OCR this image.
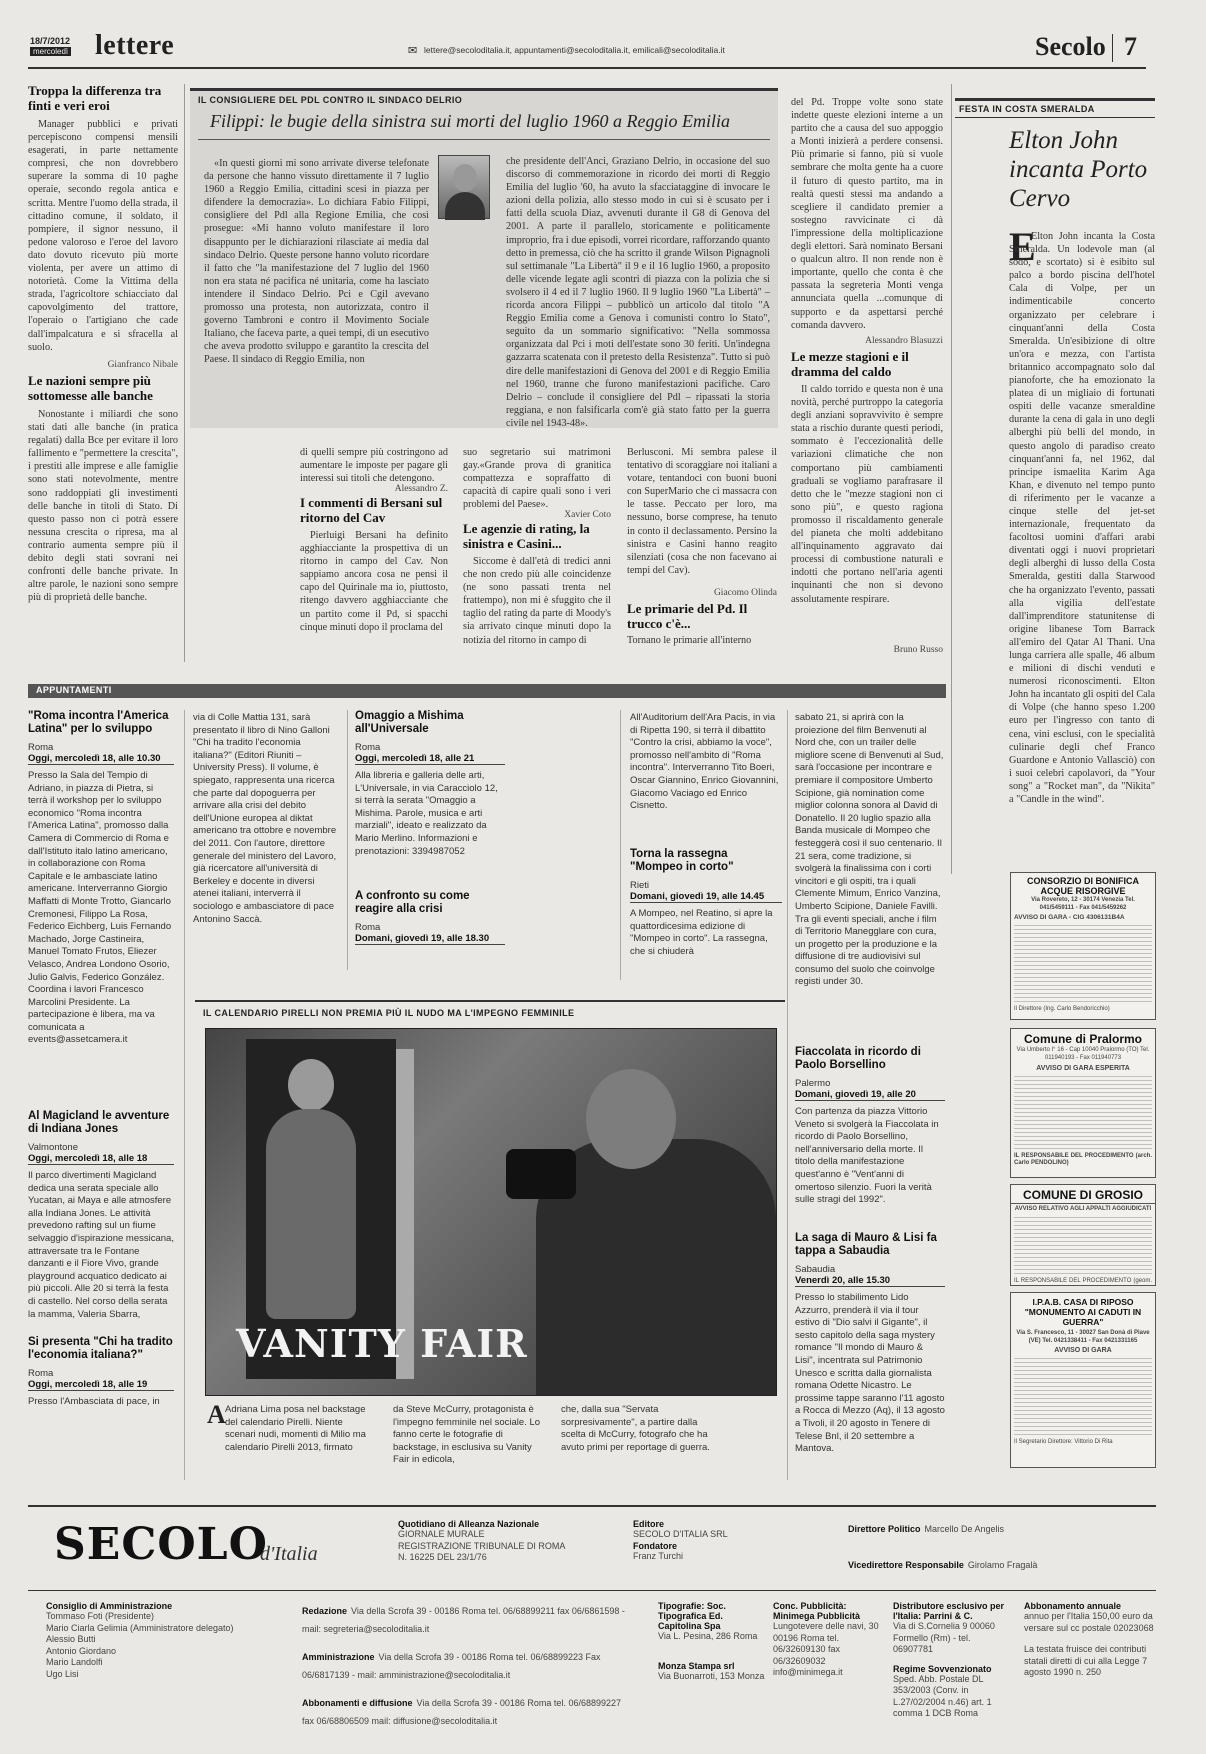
18/7/2012
mercoledì lettere	✉ lettere@secoloditalia.it, appuntamenti@secoloditalia.it, emilicali@secoloditalia.it	Secolo 7
Troppa la differenza tra finti e veri eroi

Manager pubblici e privati percepiscono compensi mensili esagerati, in parte nettamente compresi, che non dovrebbero superare la somma di 10 paghe operaie, secondo regola antica e scritta. Mentre l'uomo della strada, il cittadino comune, il soldato, il pompiere, il signor nessuno, il pedone valoroso e l'eroe del lavoro dato dovuto ricevuto più morte violenta, per avere un attimo di notorietà. Come la Vittima della strada, l'agricoltore schiacciato dal capovolgimento del trattore, l'operaio o l'artigiano che cade dall'impalcatura e si sfracella al suolo.

Gianfranco Nibale
Le nazioni sempre più sottomesse alle banche

Nonostante i miliardi che sono stati dati alle banche (in pratica regalati) dalla Bce per evitare il loro fallimento e "permettere la crescita", i prestiti alle imprese e alle famiglie sono stati notevolmente, mentre sono raddoppiati gli investimenti delle banche in titoli di Stato. Di questo passo non ci potrà essere nessuna crescita o ripresa, ma al contrario aumenta sempre più il debito degli stati sovrani nei confronti delle banche private. In altre parole, le nazioni sono sempre più di proprietà delle banche.

IL CONSIGLIERE DEL PDL CONTRO IL SINDACO DELRIO
Filippi: le bugie della sinistra sui morti del luglio 1960 a Reggio Emilia

«In questi giorni mi sono arrivate diverse telefonate da persone che hanno vissuto direttamente il 7 luglio 1960 a Reggio Emilia, cittadini scesi in piazza per difendere la democrazia». Lo dichiara Fabio Filippi, consigliere del Pdl alla Regione Emilia, che così prosegue: «Mi hanno voluto manifestare il loro disappunto per le dichiarazioni rilasciate ai media dal sindaco Delrio. Queste persone hanno voluto ricordare il fatto che "la manifestazione del 7 luglio del 1960 non era stata né pacifica né unitaria, come ha lasciato intendere il Sindaco Delrio. Pci e Cgil avevano promosso una protesta, non autorizzata, contro il governo Tambroni e contro il Movimento Sociale Italiano, che faceva parte, a quei tempi, di un esecutivo che aveva prodotto sviluppo e garantito la crescita del Paese. Il sindaco di Reggio Emilia, non

che presidente dell'Anci, Graziano Delrio, in occasione del suo discorso di commemorazione in ricordo dei morti di Reggio Emilia del luglio '60, ha avuto la sfacciataggine di invocare le azioni della polizia, allo stesso modo in cui si è scusato per i fatti della scuola Diaz, avvenuti durante il G8 di Genova del 2001. A parte il parallelo, storicamente e politicamente improprio, fra i due episodi, vorrei ricordare, rafforzando quanto detto in premessa, ciò che ha scritto il grande Wilson Pignagnoli sul settimanale "La Libertà" il 9 e il 16 luglio 1960, a proposito delle vicende legate agli scontri di piazza con la polizia che si svolsero il 4 ed il 7 luglio 1960. Il 9 luglio 1960 "La Libertà" – ricorda ancora Filippi – pubblicò un articolo dal titolo "A Reggio Emilia come a Genova i comunisti contro lo Stato", seguito da un sommario significativo: "Nella sommossa organizzata dal Pci i moti dell'estate sono 30 feriti. Un'indegna gazzarra scatenata con il pretesto della Resistenza". Tutto si può dire delle manifestazioni di Genova del 2001 e di Reggio Emilia nel 1960, tranne che furono manifestazioni pacifiche. Caro Delrio – conclude il consigliere del Pdl – ripassati la storia reggiana, e non falsificarla com'è già stato fatto per la guerra civile nel 1943-48».
di quelli sempre più costringono ad aumentare le imposte per pagare gli interessi sui titoli che detengono.
Alessandro Z.
I commenti di Bersani sul ritorno del Cav

Pierluigi Bersani ha definito agghiacciante la prospettiva di un ritorno in campo del Cav. Non sappiamo ancora cosa ne pensi il capo del Quirinale ma io, piuttosto, ritengo davvero agghiacciante che un partito come il Pd, si spacchi cinque minuti dopo il proclama del

suo segretario sui matrimoni gay.«Grande prova di granitica compattezza e sopraffatto di capacità di capire quali sono i veri problemi del Paese».
Xavier Coto
Le agenzie di rating, la sinistra e Casini...

Siccome è dall'età di tredici anni che non credo più alle coincidenze (ne sono passati trenta nel frattempo), non mi è sfuggito che il taglio del rating da parte di Moody's sia arrivato cinque minuti dopo la notizia del ritorno in campo di

Berlusconi. Mi sembra palese il tentativo di scoraggiare noi italiani a votare, tentandoci con buoni buoni con SuperMario che ci massacra con le tasse. Peccato per loro, ma nessuno, borse comprese, ha tenuto in conto il declassamento. Persino la sinistra e Casini hanno reagito silenziati (cosa che non facevano ai tempi del Cav).
Giacomo Olinda
Le primarie del Pd. Il trucco c'è...
Tornano le primarie all'interno
del Pd. Troppe volte sono state indette queste elezioni interne a un partito che a causa del suo appoggio a Monti inizierà a perdere consensi. Più primarie si fanno, più si vuole sembrare che molta gente ha a cuore il futuro di questo partito, ma in realtà questi stessi ma andando a scegliere il candidato premier a sostegno ravvicinate ci dà l'impressione della moltiplicazione degli elettori. Sarà nominato Bersani o qualcun altro. Il non rende non è importante, quello che conta è che passata la segreteria Monti venga annunciata quella ...comunque di supporto e da aspettarsi perché comanda davvero.
Alessandro Blasuzzi
Le mezze stagioni e il dramma del caldo

Il caldo torrido e questa non è una novità, perché purtroppo la categoria degli anziani sopravvivito è sempre stata a rischio durante questi periodi, sommato è l'eccezionalità delle variazioni climatiche che non comportano più cambiamenti graduali se vogliamo parafrasare il detto che le "mezze stagioni non ci sono più", e questo ragiona promosso il riscaldamento generale del pianeta che molti addebitano all'inquinamento aggravato dai processi di combustione naturali e indotti che portano nell'aria agenti inquinanti che non si devono assolutamente respirare.

Bruno Russo
FESTA IN COSTA SMERALDA
Elton John incanta Porto Cervo
E
Elton John incanta la Costa Smeralda. Un lodevole man (al sodo, e scortato) si è esibito sul palco a bordo piscina dell'hotel Cala di Volpe, per un indimenticabile concerto organizzato per celebrare i cinquant'anni della Costa Smeralda. Un'esibizione di oltre un'ora e mezza, con l'artista britannico accompagnato solo dal pianoforte, che ha emozionato la platea di un migliaio di fortunati ospiti delle vacanze smeraldine durante la cena di gala in uno degli alberghi più belli del mondo, in questo angolo di paradiso creato cinquant'anni fa, nel 1962, dal principe ismaelita Karim Aga Khan, e divenuto nel tempo punto di riferimento per le vacanze a cinque stelle del jet-set internazionale, frequentato da facoltosi uomini d'affari arabi diventati oggi i nuovi proprietari degli alberghi di lusso della Costa Smeralda, gestiti dalla Starwood che ha organizzato l'evento, passati alla vigilia dell'estate dall'imprenditore statunitense di origine libanese Tom Barrack all'emiro del Qatar Al Thani. Una lunga carriera alle spalle, 46 album e milioni di dischi venduti e numerosi riconoscimenti. Elton John ha incantato gli ospiti del Cala di Volpe (che hanno speso 1.200 euro per l'ingresso con tanto di cena, vini esclusi, con le specialità culinarie degli chef Franco Guardone e Antonio Vallasciò) con i suoi celebri capolavori, da "Your song" a "Rocket man", da "Nikita" a "Candle in the wind".
APPUNTAMENTI
"Roma incontra l'America Latina" per lo sviluppo
Roma
Oggi, mercoledì 18, alle 10.30
Presso la Sala del Tempio di Adriano, in piazza di Pietra, si terrà il workshop per lo sviluppo economico "Roma incontra l'America Latina", promosso dalla Camera di Commercio di Roma e dall'Istituto italo latino americano, in collaborazione con Roma Capitale e le ambasciate latino americane. Interverranno Giorgio Maffatti di Monte Trotto, Giancarlo Cremonesi, Filippo La Rosa, Federico Eichberg, Luis Fernando Machado, Jorge Castineira, Manuel Tomato Frutos, Eliezer Velasco, Andrea Londono Osorio, Julio Galvis, Federico González. Coordina i lavori Francesco Marcolini Presidente. La partecipazione è libera, ma va comunicata a events@assetcamera.it
Al Magicland le avventure di Indiana Jones
Valmontone
Oggi, mercoledì 18, alle 18
Il parco divertimenti Magicland dedica una serata speciale allo Yucatan, ai Maya e alle atmosfere alla Indiana Jones. Le attività prevedono rafting sul un fiume selvaggio d'ispirazione messicana, attraversate tra le Fontane danzanti e il Fiore Vivo, grande playground acquatico dedicato ai più piccoli. Alle 20 si terrà la festa di castello. Nel corso della serata la mamma, Valeria Sbarra,
Si presenta "Chi ha tradito l'economia italiana?"
Roma
Oggi, mercoledì 18, alle 19
Presso l'Ambasciata di pace, in
via di Colle Mattia 131, sarà presentato il libro di Nino Galloni "Chi ha tradito l'economia italiana?" (Editori Riuniti – University Press). Il volume, è spiegato, rappresenta una ricerca che parte dal dopoguerra per arrivare alla crisi del debito dell'Unione europea al diktat americano tra ottobre e novembre del 2011. Con l'autore, direttore generale del ministero del Lavoro, già ricercatore all'università di Berkeley e docente in diversi atenei italiani, interverrà il sociologo e ambasciatore di pace Antonino Saccà.
Omaggio a Mishima all'Universale
Roma
Oggi, mercoledì 18, alle 21
Alla libreria e galleria delle arti, L'Universale, in via Caracciolo 12, si terrà la serata "Omaggio a Mishima. Parole, musica e arti marziali", ideato e realizzato da Mario Merlino. Informazioni e prenotazioni: 3394987052
A confronto su come reagire alla crisi
Roma
Domani, giovedì 19, alle 18.30
All'Auditorium dell'Ara Pacis, in via di Ripetta 190, si terrà il dibattito "Contro la crisi, abbiamo la voce", promosso nell'ambito di "Roma incontra". Interverranno Tito Boeri, Oscar Giannino, Enrico Giovannini, Giacomo Vaciago ed Enrico Cisnetto.
Torna la rassegna "Mompeo in corto"
Rieti
Domani, giovedì 19, alle 14.45
A Mompeo, nel Reatino, si apre la quattordicesima edizione di "Mompeo in corto". La rassegna, che si chiuderà
sabato 21, si aprirà con la proiezione del film Benvenuti al Nord che, con un trailer delle migliore scene di Benvenuti al Sud, sarà l'occasione per incontrare e premiare il compositore Umberto Scipione, già nomination come miglior colonna sonora al David di Donatello. Il 20 luglio spazio alla Banda musicale di Mompeo che festeggerà così il suo centenario. Il 21 sera, come tradizione, si svolgerà la finalissima con i corti vincitori e gli ospiti, tra i quali Clemente Mimum, Enrico Vanzina, Umberto Scipione, Daniele Favilli. Tra gli eventi speciali, anche i film di Territorio Manegglare con cura, un progetto per la produzione e la diffusione di tre audiovisivi sul consumo del suolo che coinvolge registi under 30.
Fiaccolata in ricordo di Paolo Borsellino
Palermo
Domani, giovedì 19, alle 20
Con partenza da piazza Vittorio Veneto si svolgerà la Fiaccolata in ricordo di Paolo Borsellino, nell'anniversario della morte. Il titolo della manifestazione quest'anno è "Vent'anni di omertoso silenzio. Fuori la verità sulle stragi del 1992".
La saga di Mauro & Lisi fa tappa a Sabaudia
Sabaudia
Venerdì 20, alle 15.30
Presso lo stabilimento Lido Azzurro, prenderà il via il tour estivo di "Dio salvi il Gigante", il sesto capitolo della saga mystery romance "Il mondo di Mauro & Lisi", incentrata sul Patrimonio Unesco e scritta dalla giornalista romana Odette Nicastro. Le prossime tappe saranno l'11 agosto a Rocca di Mezzo (Aq), il 13 agosto a Tivoli, il 20 agosto in Tenere di Telese Bnl, il 20 settembre a Mantova.
IL CALENDARIO PIRELLI NON PREMIA PIÙ IL NUDO MA L'IMPEGNO FEMMINILE
VANITY FAIR
A Adriana Lima posa nel backstage del calendario Pirelli. Niente scenari nudi, momenti di Milio ma calendario Pirelli 2013, firmato
da Steve McCurry, protagonista è l'impegno femminile nel sociale. Lo fanno certe le fotografie di backstage, in esclusiva su Vanity Fair in edicola,
che, dalla sua "Servata sorpresivamente", a partire dalla scelta di McCurry, fotografo che ha avuto primi per reportage di guerra.
CONSORZIO DI BONIFICA ACQUE RISORGIVE
Via Rovereto, 12 - 30174 Venezia Tel. 041/5459111 - Fax 041/5459262
AVVISO DI GARA - CIG 4306131B4A
Il Direttore (Ing. Carlo Bendoricchio)
Comune di Pralormo
Via Umberto I° 16 - Cap 10040 Pralormo (TO) Tel. 011940193 - Fax 011940773
AVVISO DI GARA ESPERITA
IL RESPONSABILE DEL PROCEDIMENTO (arch. Carlo PENDOLINO)
COMUNE DI GROSIO
AVVISO RELATIVO AGLI APPALTI AGGIUDICATI
IL RESPONSABILE DEL PROCEDIMENTO (geom.
I.P.A.B. CASA DI RIPOSO "MONUMENTO AI CADUTI IN GUERRA"
Via S. Francesco, 11 - 30027 San Donà di Piave (VE) Tel. 0421338411 - Fax 0421331165
AVVISO DI GARA
Il Segretario Direttore: Vittorio Di Rita
SECOLO
d'Italia
Quotidiano di Alleanza Nazionale
GIORNALE MURALE
REGISTRAZIONE TRIBUNALE DI ROMA
N. 16225 DEL 23/1/76
Editore
SECOLO D'ITALIA SRL
Fondatore
Franz Turchi
Direttore Politico Marcello De Angelis
Vicedirettore Responsabile Girolamo Fragalà
Consiglio di Amministrazione
Tommaso Foti (Presidente)
Mario Ciarla Gelimia (Amministratore delegato)
Alessio Butti
Antonio Giordano
Mario Landolfi
Ugo Lisi
Redazione Via della Scrofa 39 - 00186 Roma tel. 06/68899211 fax 06/6861598 - mail: segreteria@secoloditalia.it
Amministrazione Via della Scrofa 39 - 00186 Roma tel. 06/68899223 Fax 06/6817139 - mail: amministrazione@secoloditalia.it
Abbonamenti e diffusione Via della Scrofa 39 - 00186 Roma tel. 06/68899227 fax 06/68806509 mail: diffusione@secoloditalia.it
Tipografie: Soc. Tipografica Ed. Capitolina Spa
Via L. Pesina, 286 Roma
Monza Stampa srl
Via Buonarroti, 153 Monza
Conc. Pubblicità: Minimega Pubblicità
Lungotevere delle navi, 30 00196 Roma tel. 06/32609130 fax 06/32609032 info@minimega.it
Distributore esclusivo per l'Italia: Parrini & C.
Via di S.Cornelia 9 00060 Formello (Rm) - tel. 06907781
Regime Sovvenzionato
Sped. Abb. Postale DL 353/2003 (Conv. in L.27/02/2004 n.46) art. 1 comma 1 DCB Roma
Abbonamento annuale
annuo per l'Italia 150,00 euro da versare sul cc postale 02023068
La testata fruisce dei contributi statali diretti di cui alla Legge 7 agosto 1990 n. 250
